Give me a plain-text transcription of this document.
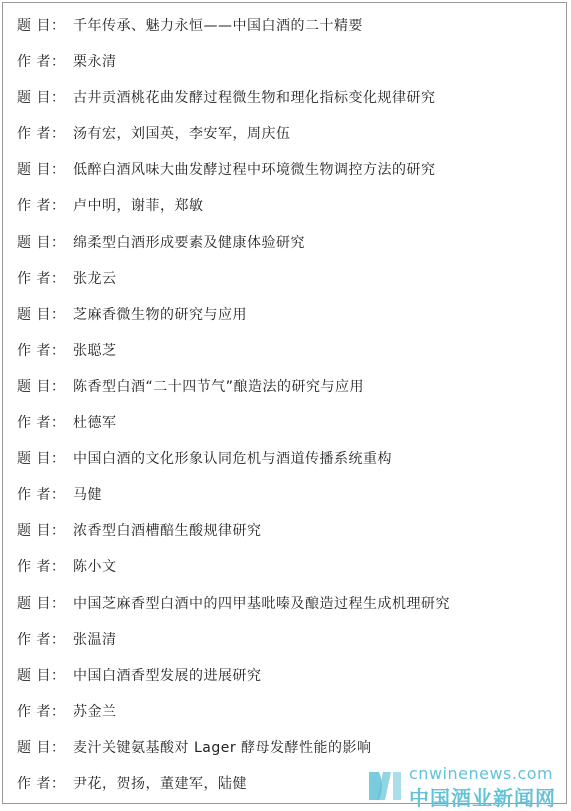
题 目： 千年传承、魅力永恒——中国白酒的二十精要
作 者： 栗永清
题 目： 古井贡酒桃花曲发酵过程微生物和理化指标变化规律研究
作 者： 汤有宏，刘国英，李安军，周庆伍
题 目： 低醉白酒风味大曲发酵过程中环境微生物调控方法的研究
作 者： 卢中明，谢菲，郑敏
题 目： 绵柔型白酒形成要素及健康体验研究
作 者： 张龙云
题 目： 芝麻香微生物的研究与应用
作 者： 张聪芝
题 目： 陈香型白酒“二十四节气”酿造法的研究与应用
作 者： 杜德军
题 目： 中国白酒的文化形象认同危机与酒道传播系统重构
作 者： 马健
题 目： 浓香型白酒槽醅生酸规律研究
作 者： 陈小文
题 目： 中国芝麻香型白酒中的四甲基吡嗪及酿造过程生成机理研究
作 者： 张温清
题 目： 中国白酒香型发展的进展研究
作 者： 苏金兰
题 目： 麦汁关键氨基酸对 Lager 酵母发酵性能的影响
作 者： 尹花，贺扬，董建军，陆健
cnwinenews.com
中国酒业新闻网
